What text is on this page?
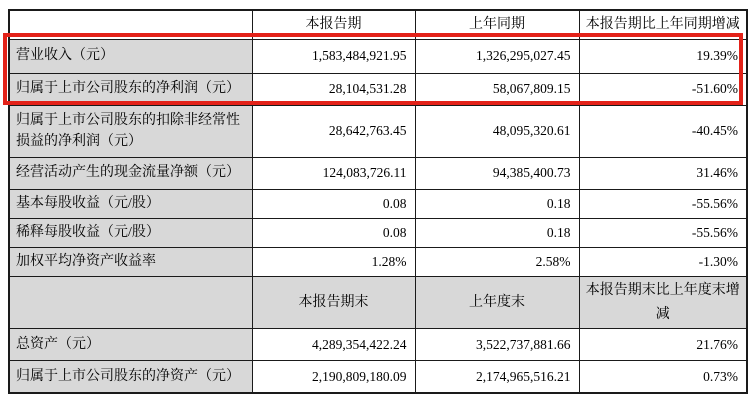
	本报告期	上年同期	本报告期比上年同期增减
营业收入（元）	1,583,484,921.95	1,326,295,027.45	19.39%
归属于上市公司股东的净利润（元）	28,104,531.28	58,067,809.15	-51.60%
归属于上市公司股东的扣除非经常性损益的净利润（元）	28,642,763.45	48,095,320.61	-40.45%
经营活动产生的现金流量净额（元）	124,083,726.11	94,385,400.73	31.46%
基本每股收益（元/股）	0.08	0.18	-55.56%
稀释每股收益（元/股）	0.08	0.18	-55.56%
加权平均净资产收益率	1.28%	2.58%	-1.30%
	本报告期末	上年度末	本报告期末比上年度末增减
总资产（元）	4,289,354,422.24	3,522,737,881.66	21.76%
归属于上市公司股东的净资产（元）	2,190,809,180.09	2,174,965,516.21	0.73%
